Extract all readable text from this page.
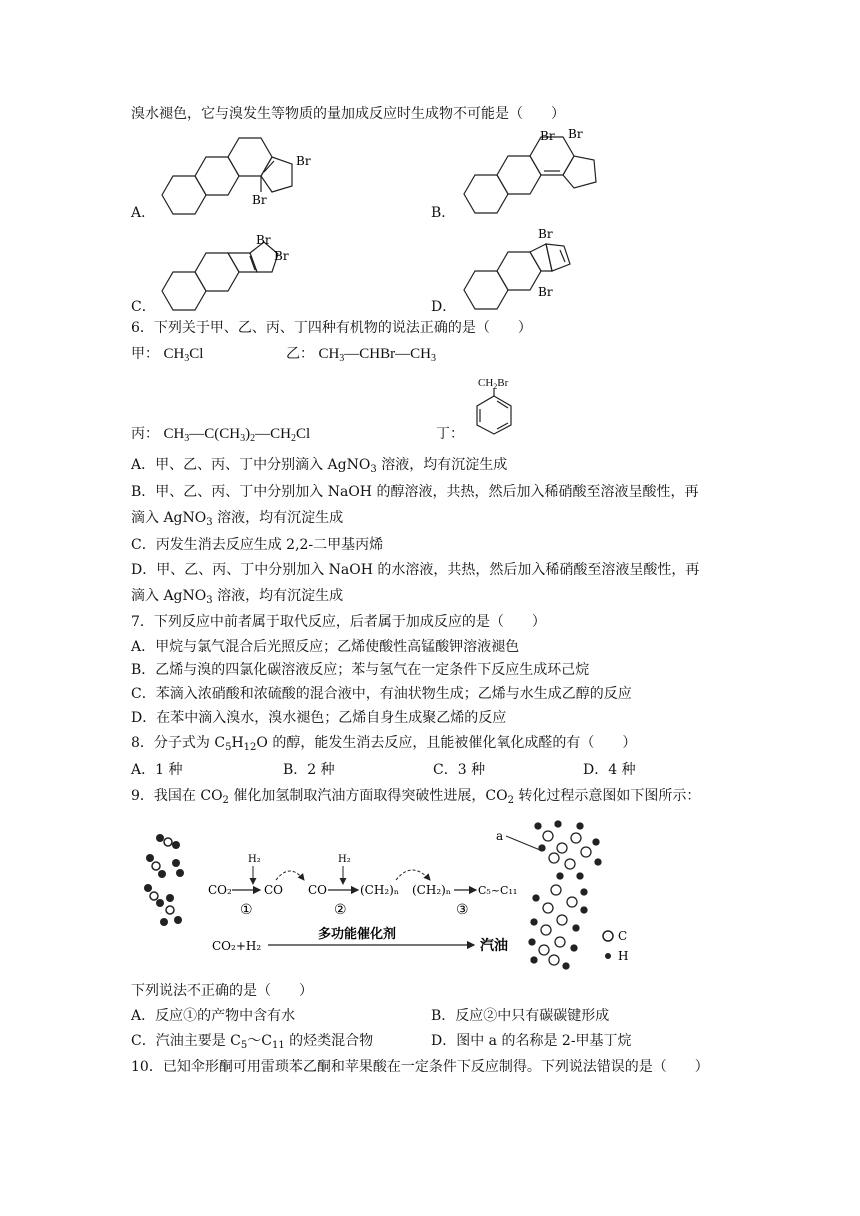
溴水褪色，它与溴发生等物质的量加成反应时生成物不可能是（　　）
A．
Br
Br
B．
Br Br
C．
Br
Br
D．
Br
Br
6．下列关于甲、乙、丙、丁四种有机物的说法正确的是（　　）
甲： $CH_3Cl$	乙： $CH_3—CHBr—CH_3$
丙： $CH_3—C(CH_3)_2—CH_2Cl$	丁：
$CH_2Br$
A．甲、乙、丙、丁中分别滴入 AgNO$_3$ 溶液，均有沉淀生成
B．甲、乙、丙、丁中分别加入 NaOH 的醇溶液，共热，然后加入稀硝酸至溶液呈酸性，再
滴入 AgNO$_3$ 溶液，均有沉淀生成
C．丙发生消去反应生成 2,2-二甲基丙烯
D．甲、乙、丙、丁中分别加入 NaOH 的水溶液，共热，然后加入稀硝酸至溶液呈酸性，再
滴入 AgNO$_3$ 溶液，均有沉淀生成
7．下列反应中前者属于取代反应，后者属于加成反应的是（　　）
A．甲烷与氯气混合后光照反应；乙烯使酸性高锰酸钾溶液褪色
B．乙烯与溴的四氯化碳溶液反应；苯与氢气在一定条件下反应生成环己烷
C．苯滴入浓硝酸和浓硫酸的混合液中，有油状物生成；乙烯与水生成乙醇的反应
D．在苯中滴入溴水，溴水褪色；乙烯自身生成聚乙烯的反应
8．分子式为 $C_5H_{12}O$ 的醇，能发生消去反应，且能被催化氧化成醛的有（　　）
A．1 种	B．2 种	C．3 种	D．4 种
9．我国在 $CO_2$ 催化加氢制取汽油方面取得突破性进展，$CO_2$ 转化过程示意图如下图所示：
CO₂
H₂
①
CO CO
H₂
②
(CH₂)ₙ (CH₂)ₙ
③
C₅~C₁₁
CO₂+H₂
多功能催化剂
汽油
a
C
H
下列说法不正确的是（　　）
A．反应①的产物中含有水	B．反应②中只有碳碳键形成
C．汽油主要是 $C_5\sim C_{11}$ 的烃类混合物	D．图中 a 的名称是 2-甲基丁烷
10．已知伞形酮可用雷琐苯乙酮和苹果酸在一定条件下反应制得。下列说法错误的是（　　）
